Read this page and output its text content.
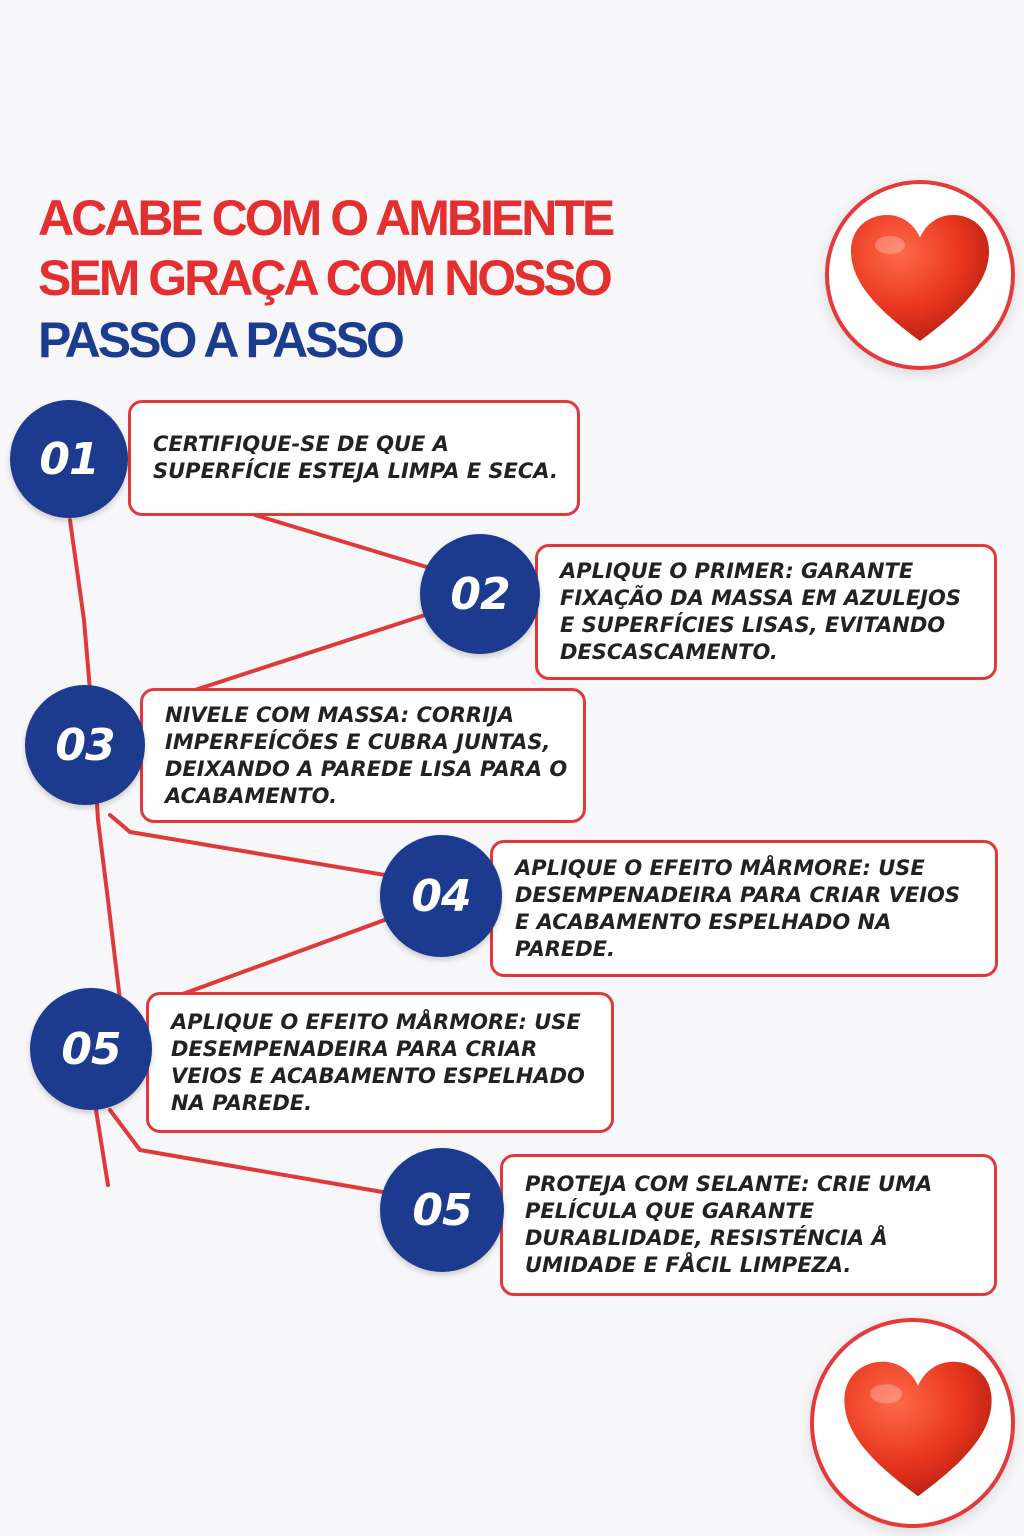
ACABE COM O AMBIENTE
SEM GRAÇA COM NOSSO
PASSO A PASSO
CERTIFIQUE-SE DE QUE A SUPERFÍCIE ESTEJA LIMPA E SECA.
01
APLIQUE O PRIMER: GARANTE FIXAÇÃO DA MASSA EM AZULEJOS E SUPERFÍCIES LISAS, EVITANDO DESCASCAMENTO.
02
NIVELE COM MASSA: CORRIJA IMPERFEÍCÕES E CUBRA JUNTAS, DEIXANDO A PAREDE LISA PARA O ACABAMENTO.
03
APLIQUE O EFEITO MÅRMORE: USE DESEMPENADEIRA PARA CRIAR VEIOS E ACABAMENTO ESPELHADO NA PAREDE.
04
APLIQUE O EFEITO MÅRMORE: USE DESEMPENADEIRA PARA CRIAR VEIOS E ACABAMENTO ESPELHADO NA PAREDE.
05
PROTEJA COM SELANTE: CRIE UMA PELÍCULA QUE GARANTE DURABLIDADE, RESISTÉNCIA Å UMIDADE E FÅCIL LIMPEZA.
05
